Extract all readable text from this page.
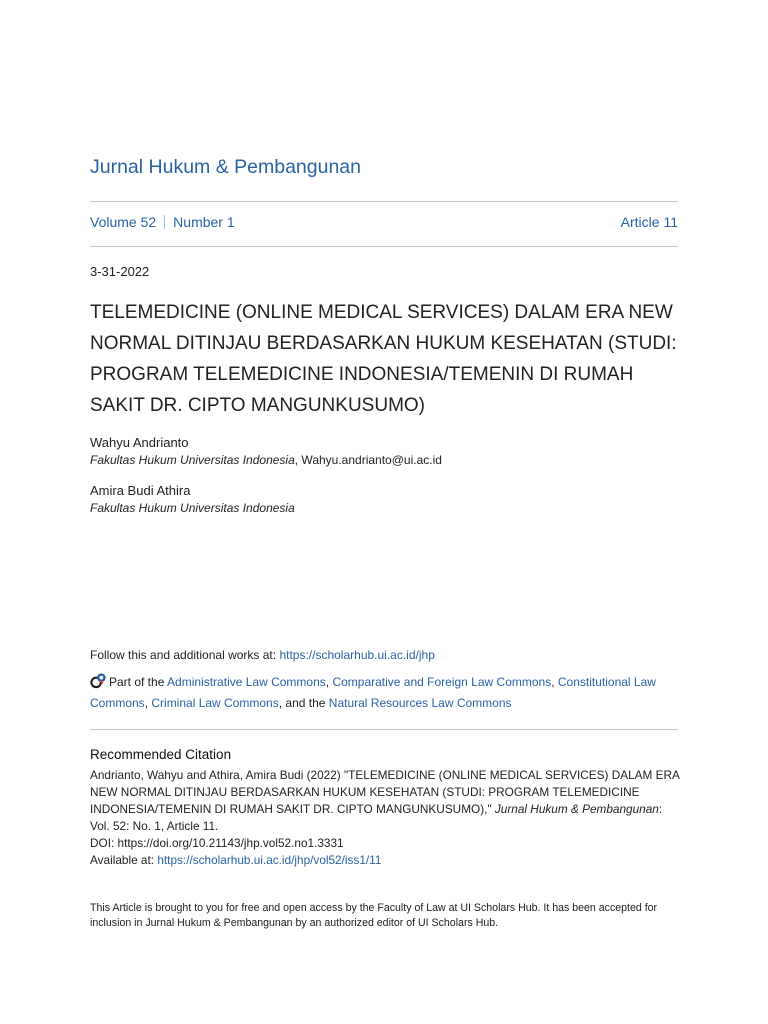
Jurnal Hukum & Pembangunan
Volume 52 Number 1	Article 11
3-31-2022
TELEMEDICINE (ONLINE MEDICAL SERVICES) DALAM ERA NEW NORMAL DITINJAU BERDASARKAN HUKUM KESEHATAN (STUDI: PROGRAM TELEMEDICINE INDONESIA/TEMENIN DI RUMAH SAKIT DR. CIPTO MANGUNKUSUMO)
Wahyu Andrianto
Fakultas Hukum Universitas Indonesia, Wahyu.andrianto@ui.ac.id
Amira Budi Athira
Fakultas Hukum Universitas Indonesia
Follow this and additional works at: https://scholarhub.ui.ac.id/jhp
Part of the Administrative Law Commons, Comparative and Foreign Law Commons, Constitutional Law Commons, Criminal Law Commons, and the Natural Resources Law Commons
Recommended Citation
Andrianto, Wahyu and Athira, Amira Budi (2022) "TELEMEDICINE (ONLINE MEDICAL SERVICES) DALAM ERA NEW NORMAL DITINJAU BERDASARKAN HUKUM KESEHATAN (STUDI: PROGRAM TELEMEDICINE INDONESIA/TEMENIN DI RUMAH SAKIT DR. CIPTO MANGUNKUSUMO)," Jurnal Hukum & Pembangunan: Vol. 52: No. 1, Article 11.
DOI: https://doi.org/10.21143/jhp.vol52.no1.3331
Available at: https://scholarhub.ui.ac.id/jhp/vol52/iss1/11
This Article is brought to you for free and open access by the Faculty of Law at UI Scholars Hub. It has been accepted for inclusion in Jurnal Hukum & Pembangunan by an authorized editor of UI Scholars Hub.
